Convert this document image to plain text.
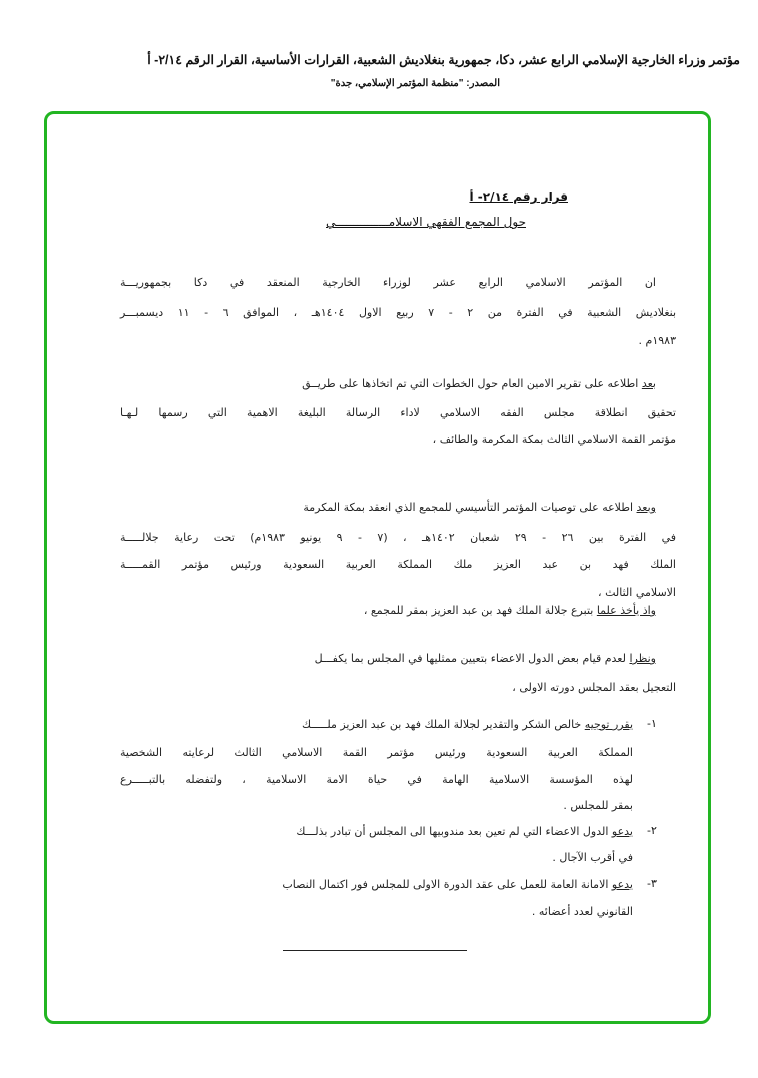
مؤتمر وزراء الخارجية الإسلامي الرابع عشر، دكا، جمهورية بنغلاديش الشعبية، القرارات الأساسية، القرار الرقم ٢/١٤- أ
المصدر: "منظمة المؤتمر الإسلامي، جدة"
قرار رقم ٢/١٤- أ
حول المجمع الفقهي الاسلامـــــــــــــــي
ان المؤتمر الاسلامي الرابع عشر لوزراء الخارجية المنعقد في دكا بجمهوريـــة
بنغلاديش الشعبية في الفترة من ٢ - ٧ ربيع الاول ١٤٠٤هـ ، الموافق ٦ - ١١ ديسمبـــر
١٩٨٣م .
بعد اطلاعه على تقرير الامين العام حول الخطوات التي تم اتخاذها على طريــق
تحقيق انطلاقة مجلس الفقه الاسلامي لاداء الرسالة البليغة الاهمية التي رسمها لـهـا
مؤتمر القمة الاسلامي الثالث بمكة المكرمة والطائف ،
وبعد اطلاعه على توصيات المؤتمر التأسيسي للمجمع الذي انعقد بمكة المكرمة
في الفترة بين ٢٦ - ٢٩ شعبان ١٤٠٢هـ ، (٧ - ٩ يونيو ١٩٨٣م) تحت رعاية جلالـــــة
الملك فهد بن عبد العزيز ملك المملكة العربية السعودية ورئيس مؤتمر القمـــــة
الاسلامي الثالث ،
واذ يأخذ علما بتبرع جلالة الملك فهد بن عبد العزيز بمقر للمجمع ،
ونظرا لعدم قيام بعض الدول الاعضاء بتعيين ممثليها في المجلس بما يكفـــل
التعجيل بعقد المجلس دورته الاولى ،
١-
يقرر توجيه خالص الشكر والتقدير لجلالة الملك فهد بن عبد العزيز ملـــــك
المملكة العربية السعودية ورئيس مؤتمر القمة الاسلامي الثالث لرعايته الشخصية
لهذه المؤسسة الاسلامية الهامة في حياة الامة الاسلامية ، ولتفضله بالتبـــــرع
بمقر للمجلس .
٢-
يدعو الدول الاعضاء التي لم تعين بعد مندوبيها الى المجلس أن تبادر بذلـــك
في أقرب الآجال .
٣-
يدعو الامانة العامة للعمل على عقد الدورة الاولى للمجلس فور اكتمال النصاب
القانوني لعدد أعضائه .
